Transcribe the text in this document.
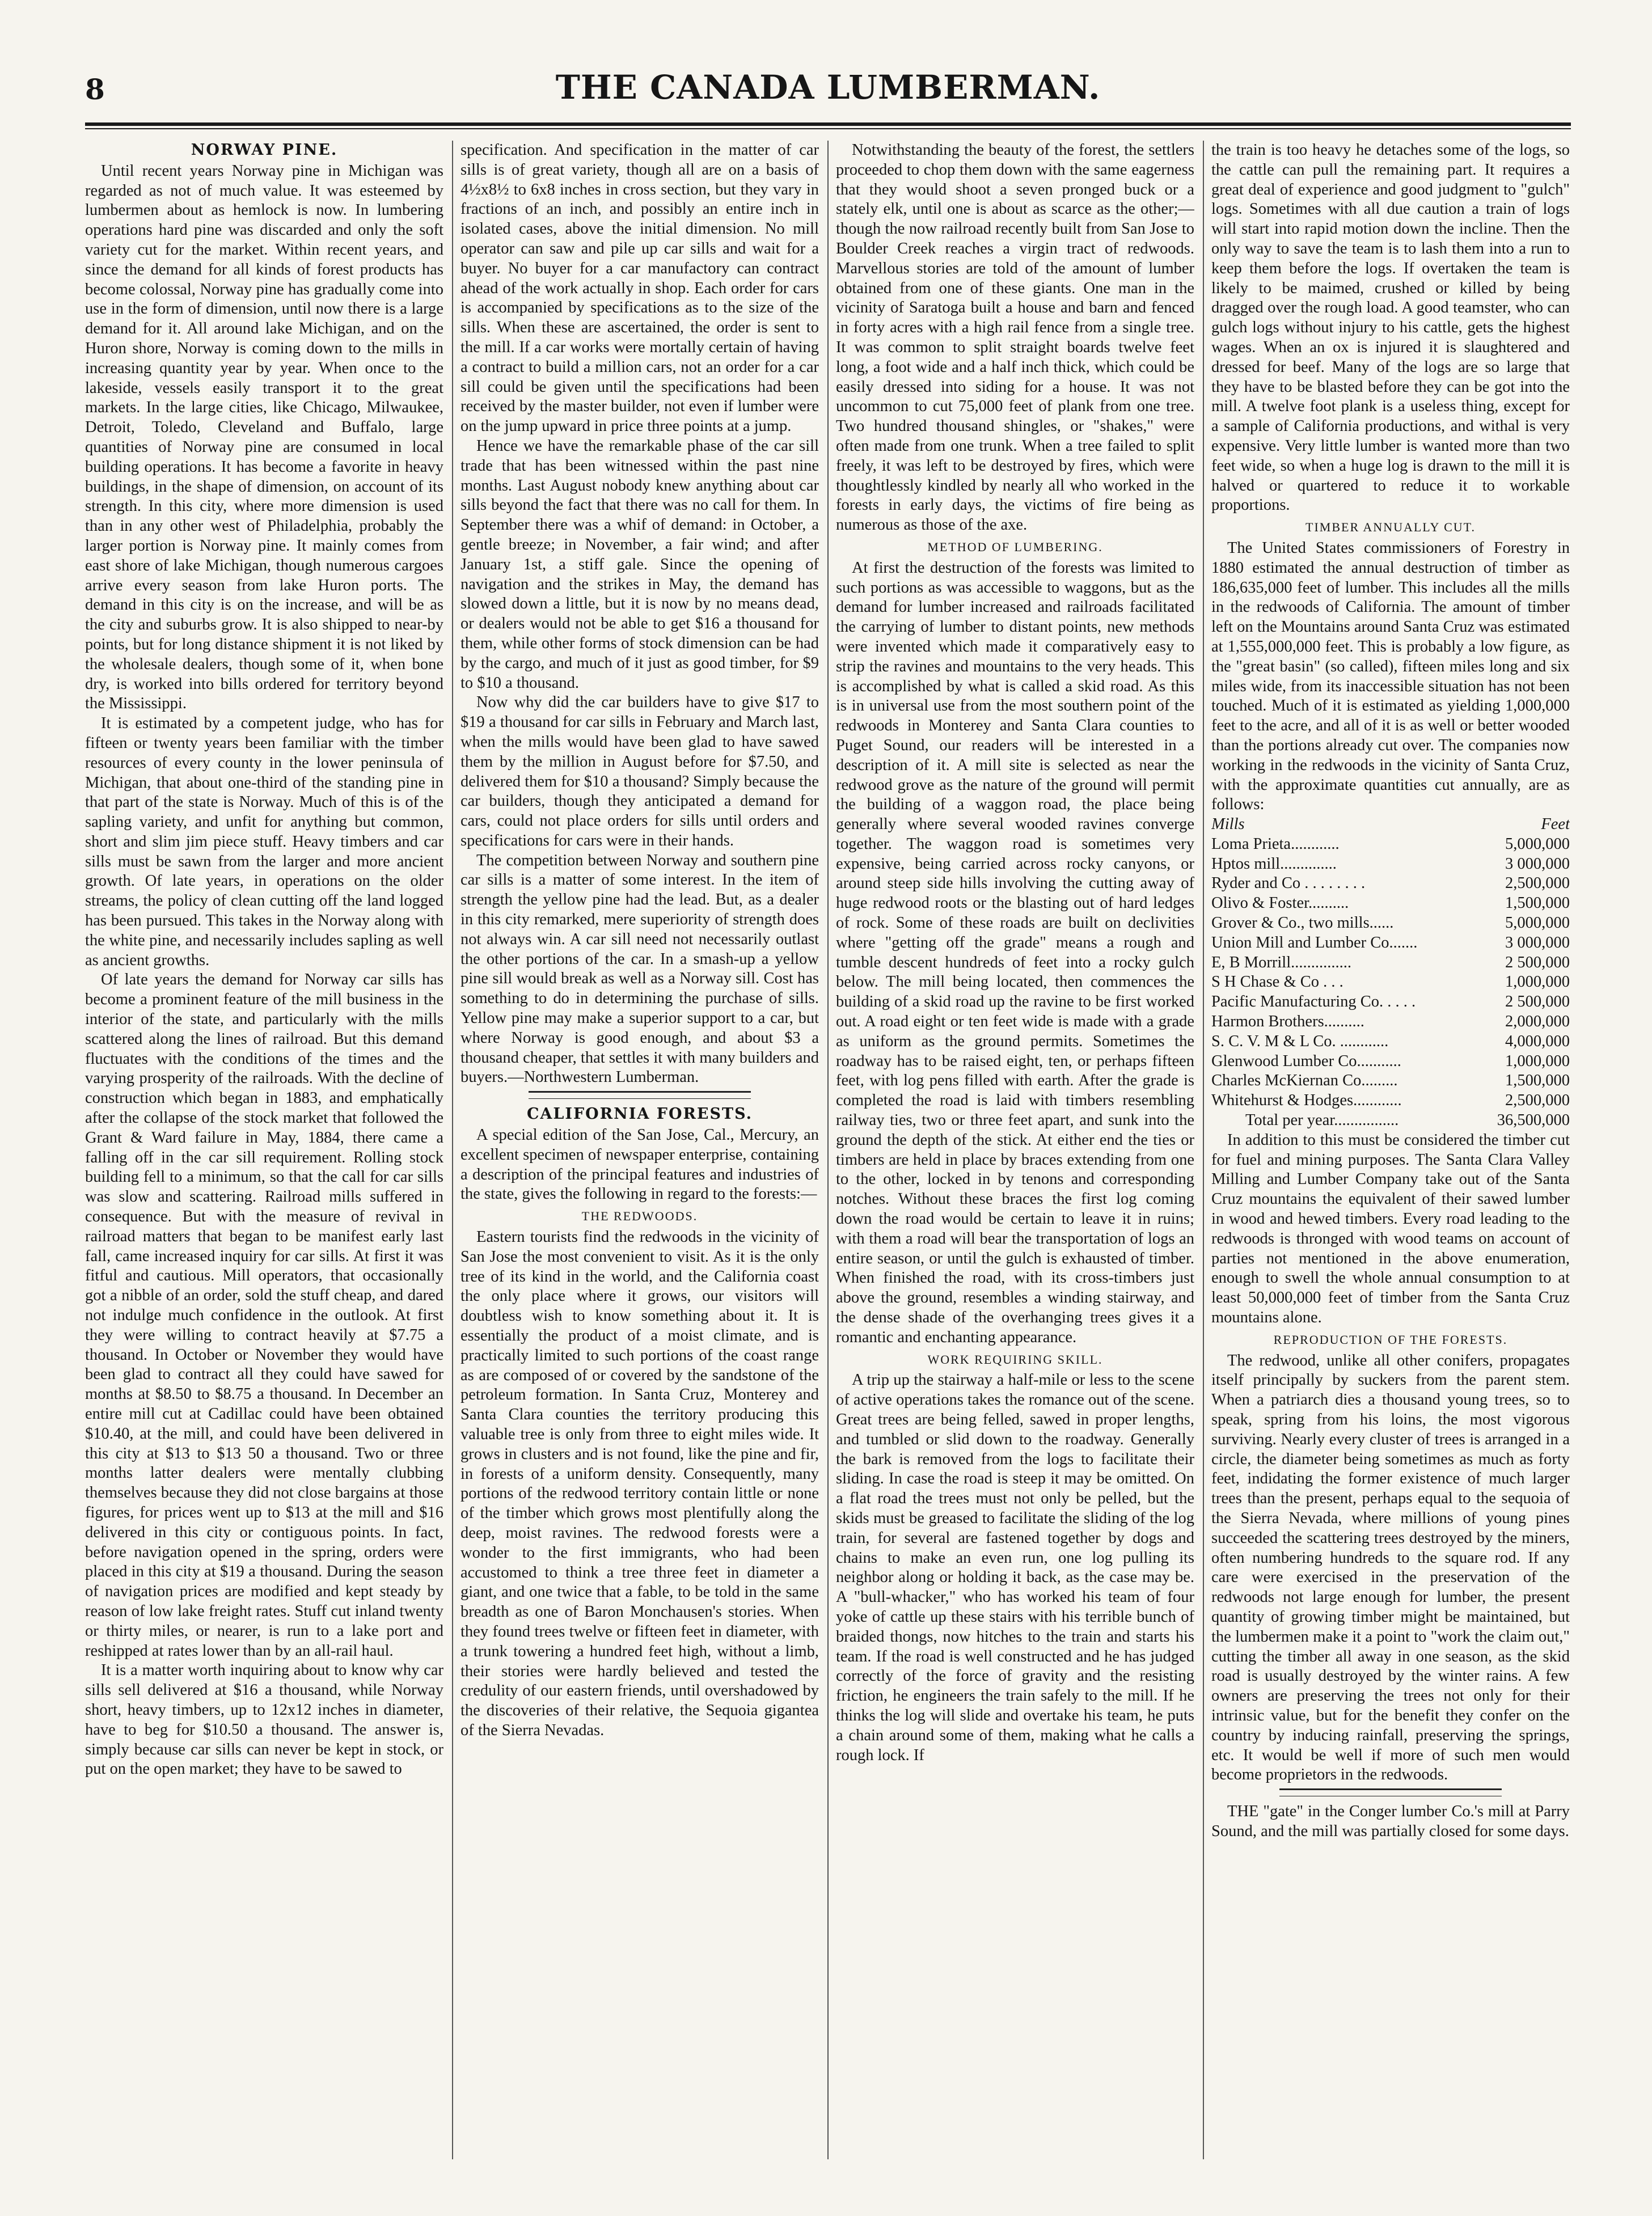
8	THE CANADA LUMBERMAN.
NORWAY PINE.

Until recent years Norway pine in Michigan was regarded as not of much value. It was esteemed by lumbermen about as hemlock is now. In lumbering operations hard pine was discarded and only the soft variety cut for the market. Within recent years, and since the demand for all kinds of forest products has become colossal, Norway pine has gradually come into use in the form of dimension, until now there is a large demand for it. All around lake Michigan, and on the Huron shore, Norway is coming down to the mills in increasing quantity year by year. When once to the lakeside, vessels easily transport it to the great markets. In the large cities, like Chicago, Milwaukee, Detroit, Toledo, Cleveland and Buffalo, large quantities of Norway pine are consumed in local building operations. It has become a favorite in heavy buildings, in the shape of dimension, on account of its strength. In this city, where more dimension is used than in any other west of Philadelphia, probably the larger portion is Norway pine. It mainly comes from east shore of lake Michigan, though numerous cargoes arrive every season from lake Huron ports. The demand in this city is on the increase, and will be as the city and suburbs grow. It is also shipped to near-by points, but for long distance shipment it is not liked by the wholesale dealers, though some of it, when bone dry, is worked into bills ordered for territory beyond the Mississippi.

It is estimated by a competent judge, who has for fifteen or twenty years been familiar with the timber resources of every county in the lower peninsula of Michigan, that about one-third of the standing pine in that part of the state is Norway. Much of this is of the sapling variety, and unfit for anything but common, short and slim jim piece stuff. Heavy timbers and car sills must be sawn from the larger and more ancient growth. Of late years, in operations on the older streams, the policy of clean cutting off the land logged has been pursued. This takes in the Norway along with the white pine, and necessarily includes sapling as well as ancient growths.

Of late years the demand for Norway car sills has become a prominent feature of the mill business in the interior of the state, and particularly with the mills scattered along the lines of railroad. But this demand fluctuates with the conditions of the times and the varying prosperity of the railroads. With the decline of construction which began in 1883, and emphatically after the collapse of the stock market that followed the Grant & Ward failure in May, 1884, there came a falling off in the car sill requirement. Rolling stock building fell to a minimum, so that the call for car sills was slow and scattering. Railroad mills suffered in consequence. But with the measure of revival in railroad matters that began to be manifest early last fall, came increased inquiry for car sills. At first it was fitful and cautious. Mill operators, that occasionally got a nibble of an order, sold the stuff cheap, and dared not indulge much confidence in the outlook. At first they were willing to contract heavily at $7.75 a thousand. In October or November they would have been glad to contract all they could have sawed for months at $8.50 to $8.75 a thousand. In December an entire mill cut at Cadillac could have been obtained $10.40, at the mill, and could have been delivered in this city at $13 to $13 50 a thousand. Two or three months latter dealers were mentally clubbing themselves because they did not close bargains at those figures, for prices went up to $13 at the mill and $16 delivered in this city or contiguous points. In fact, before navigation opened in the spring, orders were placed in this city at $19 a thousand. During the season of navigation prices are modified and kept steady by reason of low lake freight rates. Stuff cut inland twenty or thirty miles, or nearer, is run to a lake port and reshipped at rates lower than by an all-rail haul.

It is a matter worth inquiring about to know why car sills sell delivered at $16 a thousand, while Norway short, heavy timbers, up to 12x12 inches in diameter, have to beg for $10.50 a thousand. The answer is, simply because car sills can never be kept in stock, or put on the open market; they have to be sawed to

specification. And specification in the matter of car sills is of great variety, though all are on a basis of 4½x8½ to 6x8 inches in cross section, but they vary in fractions of an inch, and possibly an entire inch in isolated cases, above the initial dimension. No mill operator can saw and pile up car sills and wait for a buyer. No buyer for a car manufactory can contract ahead of the work actually in shop. Each order for cars is accompanied by specifications as to the size of the sills. When these are ascertained, the order is sent to the mill. If a car works were mortally certain of having a contract to build a million cars, not an order for a car sill could be given until the specifications had been received by the master builder, not even if lumber were on the jump upward in price three points at a jump.

Hence we have the remarkable phase of the car sill trade that has been witnessed within the past nine months. Last August nobody knew anything about car sills beyond the fact that there was no call for them. In September there was a whif of demand: in October, a gentle breeze; in November, a fair wind; and after January 1st, a stiff gale. Since the opening of navigation and the strikes in May, the demand has slowed down a little, but it is now by no means dead, or dealers would not be able to get $16 a thousand for them, while other forms of stock dimension can be had by the cargo, and much of it just as good timber, for $9 to $10 a thousand.

Now why did the car builders have to give $17 to $19 a thousand for car sills in February and March last, when the mills would have been glad to have sawed them by the million in August before for $7.50, and delivered them for $10 a thousand? Simply because the car builders, though they anticipated a demand for cars, could not place orders for sills until orders and specifications for cars were in their hands.

The competition between Norway and southern pine car sills is a matter of some interest. In the item of strength the yellow pine had the lead. But, as a dealer in this city remarked, mere superiority of strength does not always win. A car sill need not necessarily outlast the other portions of the car. In a smash-up a yellow pine sill would break as well as a Norway sill. Cost has something to do in determining the purchase of sills. Yellow pine may make a superior support to a car, but where Norway is good enough, and about $3 a thousand cheaper, that settles it with many builders and buyers.—Northwestern Lumberman.

CALIFORNIA FORESTS.

A special edition of the San Jose, Cal., Mercury, an excellent specimen of newspaper enterprise, containing a description of the principal features and industries of the state, gives the following in regard to the forests:—

THE REDWOODS.

Eastern tourists find the redwoods in the vicinity of San Jose the most convenient to visit. As it is the only tree of its kind in the world, and the California coast the only place where it grows, our visitors will doubtless wish to know something about it. It is essentially the product of a moist climate, and is practically limited to such portions of the coast range as are composed of or covered by the sandstone of the petroleum formation. In Santa Cruz, Monterey and Santa Clara counties the territory producing this valuable tree is only from three to eight miles wide. It grows in clusters and is not found, like the pine and fir, in forests of a uniform density. Consequently, many portions of the redwood territory contain little or none of the timber which grows most plentifully along the deep, moist ravines. The redwood forests were a wonder to the first immigrants, who had been accustomed to think a tree three feet in diameter a giant, and one twice that a fable, to be told in the same breadth as one of Baron Monchausen's stories. When they found trees twelve or fifteen feet in diameter, with a trunk towering a hundred feet high, without a limb, their stories were hardly believed and tested the credulity of our eastern friends, until overshadowed by the discoveries of their relative, the Sequoia gigantea of the Sierra Nevadas.

Notwithstanding the beauty of the forest, the settlers proceeded to chop them down with the same eagerness that they would shoot a seven pronged buck or a stately elk, until one is about as scarce as the other;—though the now railroad recently built from San Jose to Boulder Creek reaches a virgin tract of redwoods. Marvellous stories are told of the amount of lumber obtained from one of these giants. One man in the vicinity of Saratoga built a house and barn and fenced in forty acres with a high rail fence from a single tree. It was common to split straight boards twelve feet long, a foot wide and a half inch thick, which could be easily dressed into siding for a house. It was not uncommon to cut 75,000 feet of plank from one tree. Two hundred thousand shingles, or "shakes," were often made from one trunk. When a tree failed to split freely, it was left to be destroyed by fires, which were thoughtlessly kindled by nearly all who worked in the forests in early days, the victims of fire being as numerous as those of the axe.

METHOD OF LUMBERING.

At first the destruction of the forests was limited to such portions as was accessible to waggons, but as the demand for lumber increased and railroads facilitated the carrying of lumber to distant points, new methods were invented which made it comparatively easy to strip the ravines and mountains to the very heads. This is accomplished by what is called a skid road. As this is in universal use from the most southern point of the redwoods in Monterey and Santa Clara counties to Puget Sound, our readers will be interested in a description of it. A mill site is selected as near the redwood grove as the nature of the ground will permit the building of a waggon road, the place being generally where several wooded ravines converge together. The waggon road is sometimes very expensive, being carried across rocky canyons, or around steep side hills involving the cutting away of huge redwood roots or the blasting out of hard ledges of rock. Some of these roads are built on declivities where "getting off the grade" means a rough and tumble descent hundreds of feet into a rocky gulch below. The mill being located, then commences the building of a skid road up the ravine to be first worked out. A road eight or ten feet wide is made with a grade as uniform as the ground permits. Sometimes the roadway has to be raised eight, ten, or perhaps fifteen feet, with log pens filled with earth. After the grade is completed the road is laid with timbers resembling railway ties, two or three feet apart, and sunk into the ground the depth of the stick. At either end the ties or timbers are held in place by braces extending from one to the other, locked in by tenons and corresponding notches. Without these braces the first log coming down the road would be certain to leave it in ruins; with them a road will bear the transportation of logs an entire season, or until the gulch is exhausted of timber. When finished the road, with its cross-timbers just above the ground, resembles a winding stairway, and the dense shade of the overhanging trees gives it a romantic and enchanting appearance.

WORK REQUIRING SKILL.

A trip up the stairway a half-mile or less to the scene of active operations takes the romance out of the scene. Great trees are being felled, sawed in proper lengths, and tumbled or slid down to the roadway. Generally the bark is removed from the logs to facilitate their sliding. In case the road is steep it may be omitted. On a flat road the trees must not only be pelled, but the skids must be greased to facilitate the sliding of the log train, for several are fastened together by dogs and chains to make an even run, one log pulling its neighbor along or holding it back, as the case may be. A "bull-whacker," who has worked his team of four yoke of cattle up these stairs with his terrible bunch of braided thongs, now hitches to the train and starts his team. If the road is well constructed and he has judged correctly of the force of gravity and the resisting friction, he engineers the train safely to the mill. If he thinks the log will slide and overtake his team, he puts a chain around some of them, making what he calls a rough lock. If

the train is too heavy he detaches some of the logs, so the cattle can pull the remaining part. It requires a great deal of experience and good judgment to "gulch" logs. Sometimes with all due caution a train of logs will start into rapid motion down the incline. Then the only way to save the team is to lash them into a run to keep them before the logs. If overtaken the team is likely to be maimed, crushed or killed by being dragged over the rough load. A good teamster, who can gulch logs without injury to his cattle, gets the highest wages. When an ox is injured it is slaughtered and dressed for beef. Many of the logs are so large that they have to be blasted before they can be got into the mill. A twelve foot plank is a useless thing, except for a sample of California productions, and withal is very expensive. Very little lumber is wanted more than two feet wide, so when a huge log is drawn to the mill it is halved or quartered to reduce it to workable proportions.

TIMBER ANNUALLY CUT.

The United States commissioners of Forestry in 1880 estimated the annual destruction of timber as 186,635,000 feet of lumber. This includes all the mills in the redwoods of California. The amount of timber left on the Mountains around Santa Cruz was estimated at 1,555,000,000 feet. This is probably a low figure, as the "great basin" (so called), fifteen miles long and six miles wide, from its inaccessible situation has not been touched. Much of it is estimated as yielding 1,000,000 feet to the acre, and all of it is as well or better wooded than the portions already cut over. The companies now working in the redwoods in the vicinity of Santa Cruz, with the approximate quantities cut annually, are as follows:

Mills	Feet
Loma Prieta............	5,000,000
Hptos mill..............	3 000,000
Ryder and Co . . . . . . . .	2,500,000
Olivo & Foster..........	1,500,000
Grover & Co., two mills......	5,000,000
Union Mill and Lumber Co.......	3 000,000
E, B Morrill...............	2 500,000
S H Chase & Co . . .	1,000,000
Pacific Manufacturing Co. . . . .	2 500,000
Harmon Brothers..........	2,000,000
S. C. V. M & L Co. ............	4,000,000
Glenwood Lumber Co...........	1,000,000
Charles McKiernan Co.........	1,500,000
Whitehurst & Hodges............	2,500,000
Total per year................	36,500,000

In addition to this must be considered the timber cut for fuel and mining purposes. The Santa Clara Valley Milling and Lumber Company take out of the Santa Cruz mountains the equivalent of their sawed lumber in wood and hewed timbers. Every road leading to the redwoods is thronged with wood teams on account of parties not mentioned in the above enumeration, enough to swell the whole annual consumption to at least 50,000,000 feet of timber from the Santa Cruz mountains alone.

REPRODUCTION OF THE FORESTS.

The redwood, unlike all other conifers, propagates itself principally by suckers from the parent stem. When a patriarch dies a thousand young trees, so to speak, spring from his loins, the most vigorous surviving. Nearly every cluster of trees is arranged in a circle, the diameter being sometimes as much as forty feet, indidating the former existence of much larger trees than the present, perhaps equal to the sequoia of the Sierra Nevada, where millions of young pines succeeded the scattering trees destroyed by the miners, often numbering hundreds to the square rod. If any care were exercised in the preservation of the redwoods not large enough for lumber, the present quantity of growing timber might be maintained, but the lumbermen make it a point to "work the claim out," cutting the timber all away in one season, as the skid road is usually destroyed by the winter rains. A few owners are preserving the trees not only for their intrinsic value, but for the benefit they confer on the country by inducing rainfall, preserving the springs, etc. It would be well if more of such men would become proprietors in the redwoods.

THE "gate" in the Conger lumber Co.'s mill at Parry Sound, and the mill was partially closed for some days.
